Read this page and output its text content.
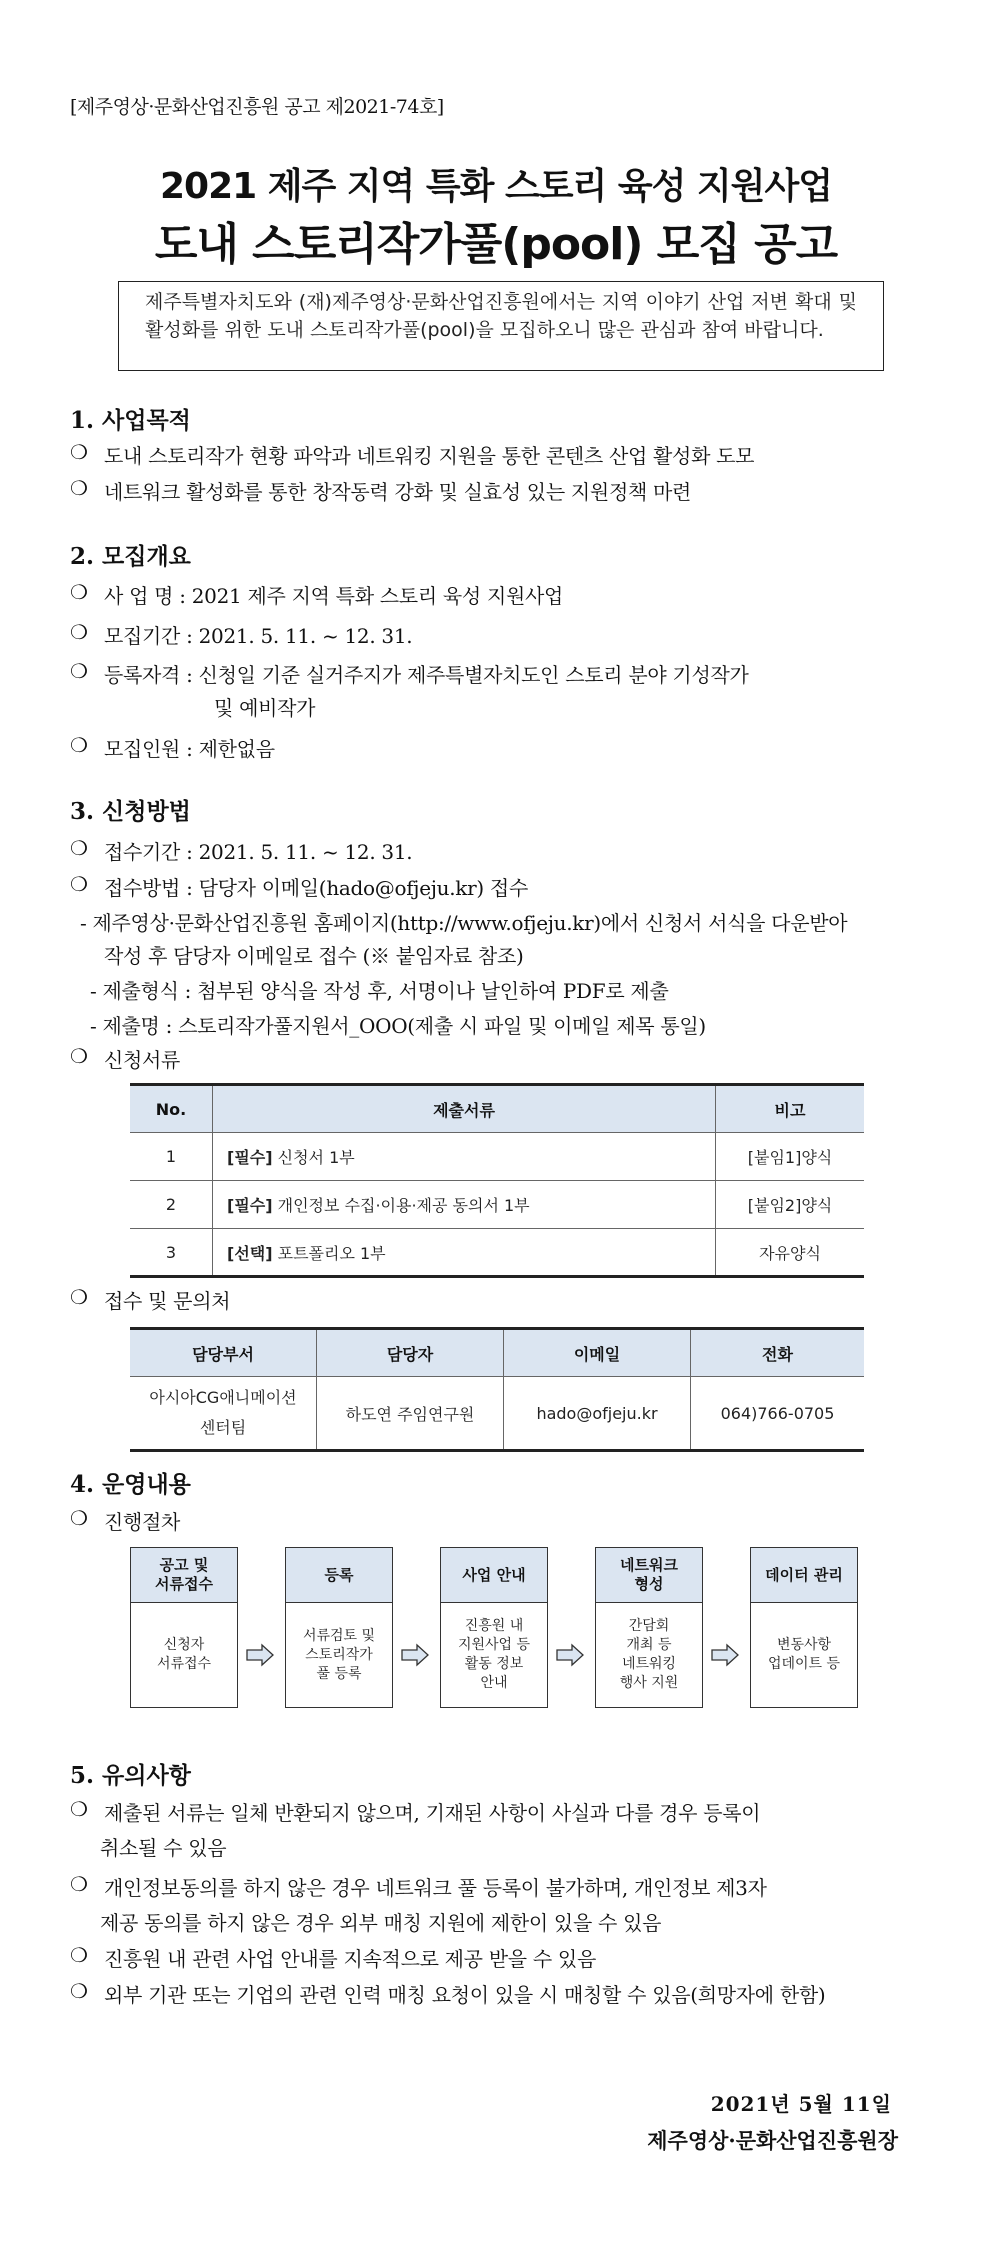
[제주영상·문화산업진흥원 공고 제2021-74호]
2021 제주 지역 특화 스토리 육성 지원사업
도내 스토리작가풀(pool) 모집 공고
제주특별자치도와 (재)제주영상·문화산업진흥원에서는 지역 이야기 산업 저변 확대 및 활성화를 위한 도내 스토리작가풀(pool)을 모집하오니 많은 관심과 참여 바랍니다.
1. 사업목적
❍ 도내 스토리작가 현황 파악과 네트워킹 지원을 통한 콘텐츠 산업 활성화 도모
❍ 네트워크 활성화를 통한 창작동력 강화 및 실효성 있는 지원정책 마련
2. 모집개요
❍ 사 업 명 : 2021 제주 지역 특화 스토리 육성 지원사업
❍ 모집기간 : 2021. 5. 11. ~ 12. 31.
❍ 등록자격 : 신청일 기준 실거주지가 제주특별자치도인 스토리 분야 기성작가
및 예비작가
❍ 모집인원 : 제한없음
3. 신청방법
❍ 접수기간 : 2021. 5. 11. ~ 12. 31.
❍ 접수방법 : 담당자 이메일(hado@ofjeju.kr) 접수
- 제주영상·문화산업진흥원 홈페이지(http://www.ofjeju.kr)에서 신청서 서식을 다운받아
작성 후 담당자 이메일로 접수 (※ 붙임자료 참조)
- 제출형식 : 첨부된 양식을 작성 후, 서명이나 날인하여 PDF로 제출
- 제출명 : 스토리작가풀지원서_OOO(제출 시 파일 및 이메일 제목 통일)
❍ 신청서류
No.	제출서류	비고
1	[필수] 신청서 1부	[붙임1]양식
2	[필수] 개인정보 수집·이용·제공 동의서 1부	[붙임2]양식
3	[선택] 포트폴리오 1부	자유양식
❍ 접수 및 문의처
담당부서	담당자	이메일	전화
아시아CG애니메이션
센터팀	하도연 주임연구원	hado@ofjeju.kr	064)766-0705
4. 운영내용
❍ 진행절차
공고 및
서류접수
신청자
서류접수
등록
서류검토 및
스토리작가
풀 등록
사업 안내
진흥원 내
지원사업 등
활동 정보
안내
네트워크
형성
간담회
개최 등
네트워킹
행사 지원
데이터 관리
변동사항
업데이트 등
5. 유의사항
❍ 제출된 서류는 일체 반환되지 않으며, 기재된 사항이 사실과 다를 경우 등록이
취소될 수 있음
❍ 개인정보동의를 하지 않은 경우 네트워크 풀 등록이 불가하며, 개인정보 제3자
제공 동의를 하지 않은 경우 외부 매칭 지원에 제한이 있을 수 있음
❍ 진흥원 내 관련 사업 안내를 지속적으로 제공 받을 수 있음
❍ 외부 기관 또는 기업의 관련 인력 매칭 요청이 있을 시 매칭할 수 있음(희망자에 한함)
2021년 5월 11일
제주영상·문화산업진흥원장
